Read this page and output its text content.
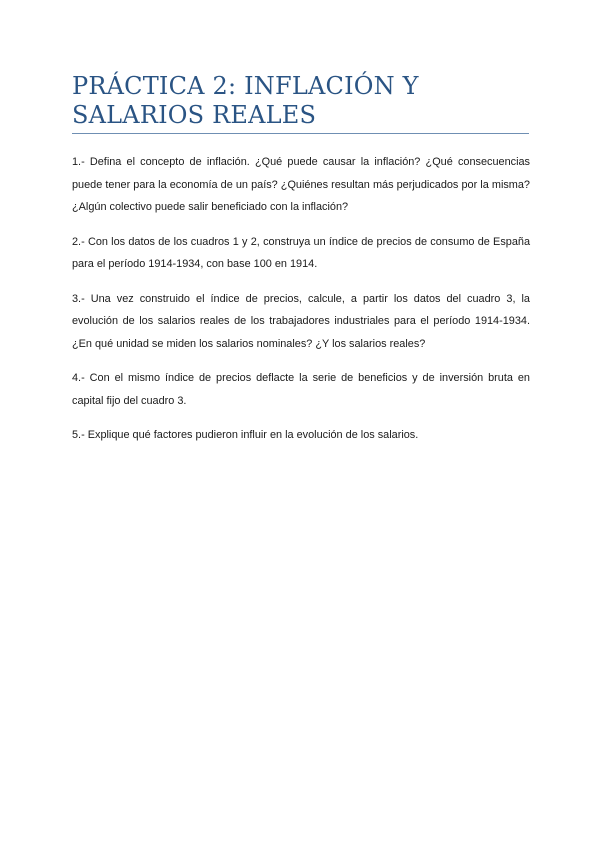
PRÁCTICA 2: INFLACIÓN Y SALARIOS REALES

1.- Defina el concepto de inflación. ¿Qué puede causar la inflación? ¿Qué consecuencias puede tener para la economía de un país? ¿Quiénes resultan más perjudicados por la misma? ¿Algún colectivo puede salir beneficiado con la inflación?

2.- Con los datos de los cuadros 1 y 2, construya un índice de precios de consumo de España para el período 1914-1934, con base 100 en 1914.

3.- Una vez construido el índice de precios, calcule, a partir los datos del cuadro 3, la evolución de los salarios reales de los trabajadores industriales para el período 1914-1934. ¿En qué unidad se miden los salarios nominales? ¿Y los salarios reales?

4.- Con el mismo índice de precios deflacte la serie de beneficios y de inversión bruta en capital fijo del cuadro 3.

5.- Explique qué factores pudieron influir en la evolución de los salarios.
